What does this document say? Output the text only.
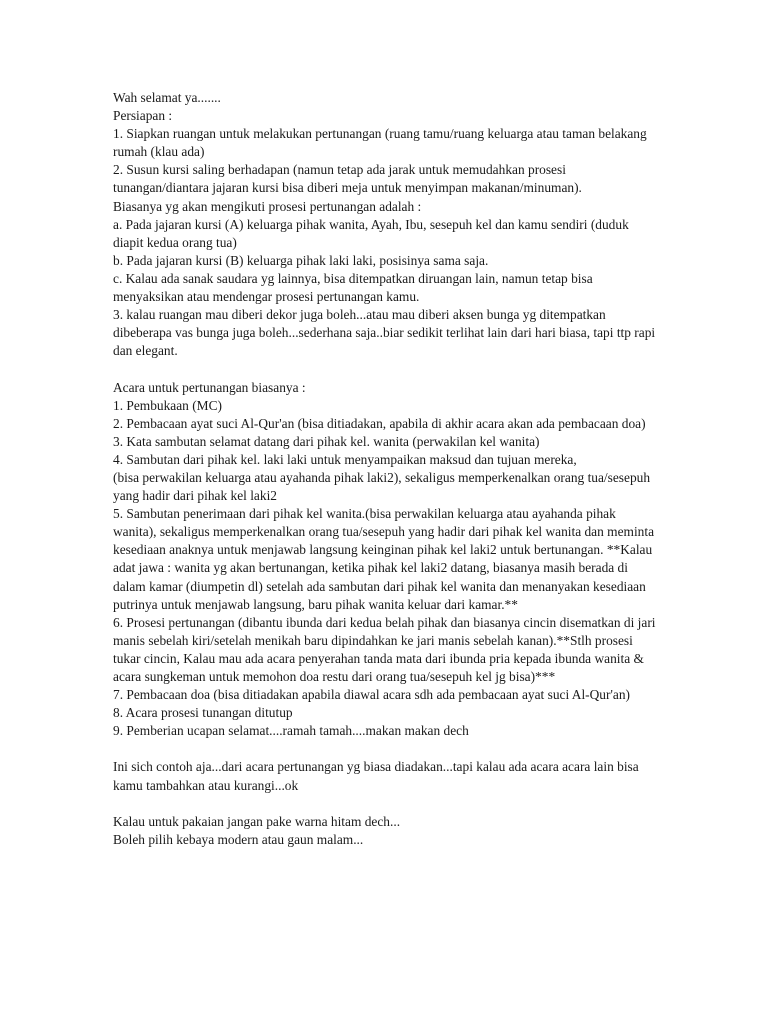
Wah selamat ya.......

Persiapan :

1. Siapkan ruangan untuk melakukan pertunangan (ruang tamu/ruang keluarga atau taman belakang rumah (klau ada)

2. Susun kursi saling berhadapan (namun tetap ada jarak untuk memudahkan prosesi tunangan/diantara jajaran kursi bisa diberi meja untuk menyimpan makanan/minuman).

Biasanya yg akan mengikuti prosesi pertunangan adalah :

a. Pada jajaran kursi (A) keluarga pihak wanita, Ayah, Ibu, sesepuh kel dan kamu sendiri (duduk diapit kedua orang tua)

b. Pada jajaran kursi (B) keluarga pihak laki laki, posisinya sama saja.

c. Kalau ada sanak saudara yg lainnya, bisa ditempatkan diruangan lain, namun tetap bisa menyaksikan atau mendengar prosesi pertunangan kamu.

3. kalau ruangan mau diberi dekor juga boleh...atau mau diberi aksen bunga yg ditempatkan dibeberapa vas bunga juga boleh...sederhana saja..biar sedikit terlihat lain dari hari biasa, tapi ttp rapi dan elegant.

Acara untuk pertunangan biasanya :

1. Pembukaan (MC)

2. Pembacaan ayat suci Al-Qur'an (bisa ditiadakan, apabila di akhir acara akan ada pembacaan doa)

3. Kata sambutan selamat datang dari pihak kel. wanita (perwakilan kel wanita)

4. Sambutan dari pihak kel. laki laki untuk menyampaikan maksud dan tujuan mereka,

(bisa perwakilan keluarga atau ayahanda pihak laki2), sekaligus memperkenalkan orang tua/sesepuh yang hadir dari pihak kel laki2

5. Sambutan penerimaan dari pihak kel wanita.(bisa perwakilan keluarga atau ayahanda pihak wanita), sekaligus memperkenalkan orang tua/sesepuh yang hadir dari pihak kel wanita dan meminta kesediaan anaknya untuk menjawab langsung keinginan pihak kel laki2 untuk bertunangan. **Kalau adat jawa : wanita yg akan bertunangan, ketika pihak kel laki2 datang, biasanya masih berada di dalam kamar (diumpetin dl) setelah ada sambutan dari pihak kel wanita dan menanyakan kesediaan putrinya untuk menjawab langsung, baru pihak wanita keluar dari kamar.**

6. Prosesi pertunangan (dibantu ibunda dari kedua belah pihak dan biasanya cincin disematkan di jari manis sebelah kiri/setelah menikah baru dipindahkan ke jari manis sebelah kanan).**Stlh prosesi tukar cincin, Kalau mau ada acara penyerahan tanda mata dari ibunda pria kepada ibunda wanita & acara sungkeman untuk memohon doa restu dari orang tua/sesepuh kel jg bisa)***

7. Pembacaan doa (bisa ditiadakan apabila diawal acara sdh ada pembacaan ayat suci Al-Qur'an)

8. Acara prosesi tunangan ditutup

9. Pemberian ucapan selamat....ramah tamah....makan makan dech

Ini sich contoh aja...dari acara pertunangan yg biasa diadakan...tapi kalau ada acara acara lain bisa kamu tambahkan atau kurangi...ok

Kalau untuk pakaian jangan pake warna hitam dech...

Boleh pilih kebaya modern atau gaun malam...
